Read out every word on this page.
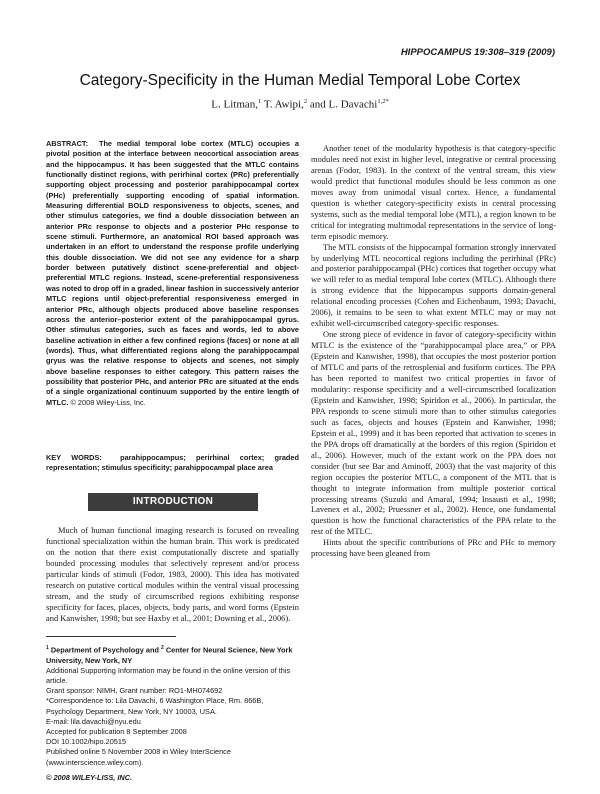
HIPPOCAMPUS 19:308–319 (2009)
Category-Specificity in the Human Medial Temporal Lobe Cortex
L. Litman,$^1$ T. Awipi,$^2$ and L. Davachi$^{1,2*}$

ABSTRACT: The medial temporal lobe cortex (MTLC) occupies a pivotal position at the interface between neocortical association areas and the hippocampus. It has been suggested that the MTLC contains functionally distinct regions, with perirhinal cortex (PRc) preferentially supporting object processing and posterior parahippocampal cortex (PHc) preferentially supporting encoding of spatial information. Measuring differential BOLD responsiveness to objects, scenes, and other stimulus categories, we find a double dissociation between an anterior PRc response to objects and a posterior PHc response to scene stimuli. Furthermore, an anatomical ROI based approach was undertaken in an effort to understand the response profile underlying this double dissociation. We did not see any evidence for a sharp border between putatively distinct scene-preferential and object-preferential MTLC regions. Instead, scene-preferential responsiveness was noted to drop off in a graded, linear fashion in successively anterior MTLC regions until object-preferential responsiveness emerged in anterior PRc, although objects produced above baseline responses across the anterior–posterior extent of the parahippocampal gyrus. Other stimulus categories, such as faces and words, led to above baseline activation in either a few confined regions (faces) or none at all (words). Thus, what differentiated regions along the parahippocampal gryus was the relative response to objects and scenes, not simply above baseline responses to either category. This pattern raises the possibility that posterior PHc, and anterior PRc are situated at the ends of a single organizational continuum supported by the entire length of MTLC. © 2008 Wiley-Liss, Inc.

KEY WORDS: parahippocampus; perirhinal cortex; graded representation; stimulus specificity; parahippocampal place area

INTRODUCTION

Much of human functional imaging research is focused on revealing functional specialization within the human brain. This work is predicated on the notion that there exist computationally discrete and spatially bounded processing modules that selectively represent and/or process particular kinds of stimuli (Fodor, 1983, 2000). This idea has motivated research on putative cortical modules within the ventral visual processing stream, and the study of circumscribed regions exhibiting response specificity for faces, places, objects, body parts, and word forms (Epstein and Kanwisher, 1998; but see Haxby et al., 2001; Downing et al., 2006).

$^1$ Department of Psychology and $^2$ Center for Neural Science, New York University, New York, NY

Additional Supporting Information may be found in the online version of this article.

Grant sponsor: NIMH, Grant number: RO1-MH074692

*Correspondence to: Lila Davachi, 6 Washington Place, Rm. 866B, Psychology Department, New York, NY 10003, USA.

E-mail: lila.davachi@nyu.edu

Accepted for publication 8 September 2008

DOI 10.1002/hipo.20515

Published online 5 November 2008 in Wiley InterScience (www.interscience.wiley.com).

© 2008 WILEY-LISS, INC.

Another tenet of the modularity hypothesis is that category-specific modules need not exist in higher level, integrative or central processing arenas (Fodor, 1983). In the context of the ventral stream, this view would predict that functional modules should be less common as one moves away from unimodal visual cortex. Hence, a fundamental question is whether category-specificity exists in central processing systems, such as the medial temporal lobe (MTL), a region known to be critical for integrating multimodal representations in the service of long-term episodic memory.

The MTL consists of the hippocampal formation strongly innervated by underlying MTL neocortical regions including the perirhinal (PRc) and posterior parahippocampal (PHc) cortices that together occupy what we will refer to as medial temporal lobe cortex (MTLC). Although there is strong evidence that the hippocampus supports domain-general relational encoding processes (Cohen and Eichenbaum, 1993; Davachi, 2006), it remains to be seen to what extent MTLC may or may not exhibit well-circumscribed category-specific responses.

One strong piece of evidence in favor of category-specificity within MTLC is the existence of the “parahippocampal place area,” or PPA (Epstein and Kanwisher, 1998), that occupies the most posterior portion of MTLC and parts of the retrosplenial and fusiform cortices. The PPA has been reported to manifest two critical properties in favor of modularity: response specificity and a well-circumscribed localization (Epstein and Kanwisher, 1998; Spiridon et al., 2006). In particular, the PPA responds to scene stimuli more than to other stimulus categories such as faces, objects and houses (Epstein and Kanwisher, 1998; Epstein et al., 1999) and it has been reported that activation to scenes in the PPA drops off dramatically at the borders of this region (Spiridon et al., 2006). However, much of the extant work on the PPA does not consider (but see Bar and Aminoff, 2003) that the vast majority of this region occupies the posterior MTLC, a component of the MTL that is thought to integrate information from multiple posterior cortical processing streams (Suzuki and Amaral, 1994; Insausti et al., 1998; Lavenex et al., 2002; Pruessner et al., 2002). Hence, one fundamental question is how the functional characteristics of the PPA relate to the rest of the MTLC.

Hints about the specific contributions of PRc and PHc to memory processing have been gleaned from
